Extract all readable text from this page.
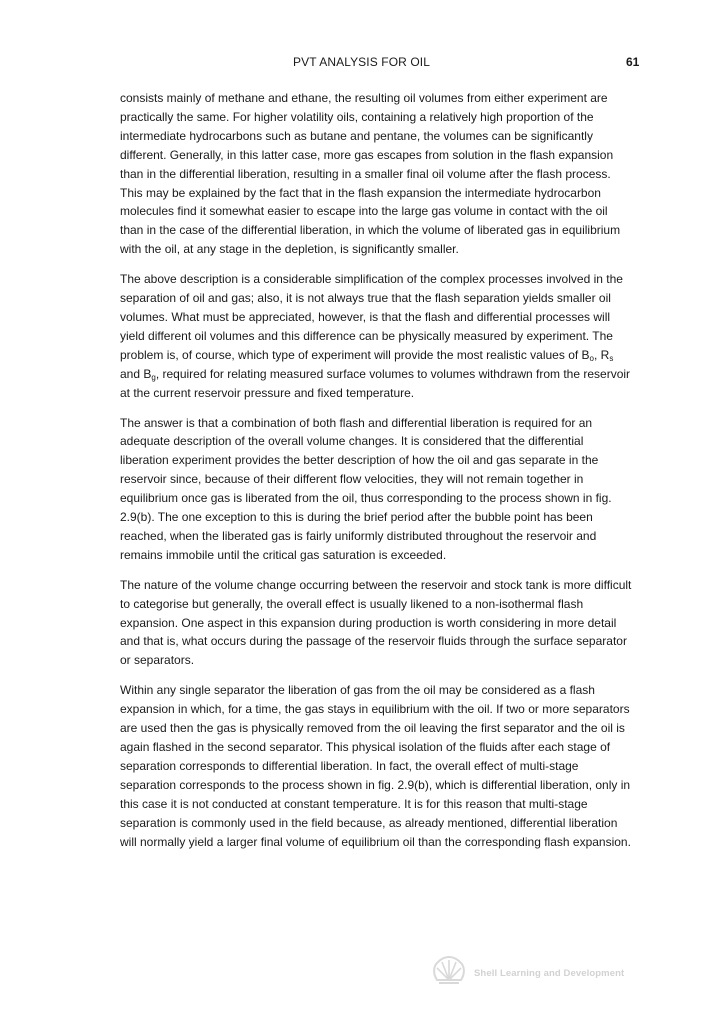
PVT ANALYSIS FOR OIL	61

consists mainly of methane and ethane, the resulting oil volumes from either experiment are practically the same. For higher volatility oils, containing a relatively high proportion of the intermediate hydrocarbons such as butane and pentane, the volumes can be significantly different. Generally, in this latter case, more gas escapes from solution in the flash expansion than in the differential liberation, resulting in a smaller final oil volume after the flash process. This may be explained by the fact that in the flash expansion the intermediate hydrocarbon molecules find it somewhat easier to escape into the large gas volume in contact with the oil than in the case of the differential liberation, in which the volume of liberated gas in equilibrium with the oil, at any stage in the depletion, is significantly smaller.

The above description is a considerable simplification of the complex processes involved in the separation of oil and gas; also, it is not always true that the flash separation yields smaller oil volumes. What must be appreciated, however, is that the flash and differential processes will yield different oil volumes and this difference can be physically measured by experiment. The problem is, of course, which type of experiment will provide the most realistic values of $B_o$, $R_s$ and $B_g$, required for relating measured surface volumes to volumes withdrawn from the reservoir at the current reservoir pressure and fixed temperature.

The answer is that a combination of both flash and differential liberation is required for an adequate description of the overall volume changes. It is considered that the differential liberation experiment provides the better description of how the oil and gas separate in the reservoir since, because of their different flow velocities, they will not remain together in equilibrium once gas is liberated from the oil, thus corresponding to the process shown in fig. 2.9(b). The one exception to this is during the brief period after the bubble point has been reached, when the liberated gas is fairly uniformly distributed throughout the reservoir and remains immobile until the critical gas saturation is exceeded.

The nature of the volume change occurring between the reservoir and stock tank is more difficult to categorise but generally, the overall effect is usually likened to a non-isothermal flash expansion. One aspect in this expansion during production is worth considering in more detail and that is, what occurs during the passage of the reservoir fluids through the surface separator or separators.

Within any single separator the liberation of gas from the oil may be considered as a flash expansion in which, for a time, the gas stays in equilibrium with the oil. If two or more separators are used then the gas is physically removed from the oil leaving the first separator and the oil is again flashed in the second separator. This physical isolation of the fluids after each stage of separation corresponds to differential liberation. In fact, the overall effect of multi-stage separation corresponds to the process shown in fig. 2.9(b), which is differential liberation, only in this case it is not conducted at constant temperature. It is for this reason that multi-stage separation is commonly used in the field because, as already mentioned, differential liberation will normally yield a larger final volume of equilibrium oil than the corresponding flash expansion.

Shell Learning and Development
